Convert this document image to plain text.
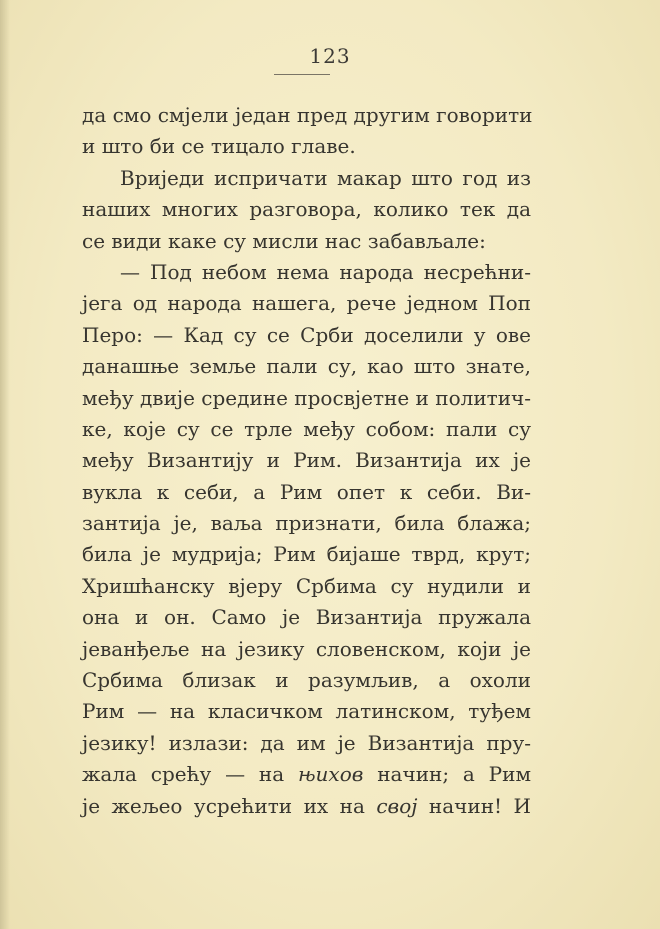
123
да смо смјели један пред другим говорити
и што би се тицало главе.
Вриједи испричати макар што год из
наших многих разговора, колико тек да
се види каке су мисли нас забављале:
— Под небом нема народа несрећни-
јега од народа нашега, рече једном Поп
Перо: — Кад су се Срби доселили у ове
данашње земље пали су, као што знате,
међу двије средине просвјетне и политич-
ке, које су се трле међу собом: пали су
међу Византију и Рим. Византија их је
вукла к себи, а Рим опет к себи. Ви-
зантија је, ваља признати, била блажа;
била је мудрија; Рим бијаше тврд, крут;
Хришћанску вјеру Србима су нудили и
она и он. Само је Византија пружала
јеванђеље на језику словенском, који је
Србима близак и разумљив, а охоли
Рим — на класичком латинском, туђем
језику! излази: да им је Византија пру-
жала срећу — на њихов начин; а Рим
је жељео усрећити их на свој начин! И
